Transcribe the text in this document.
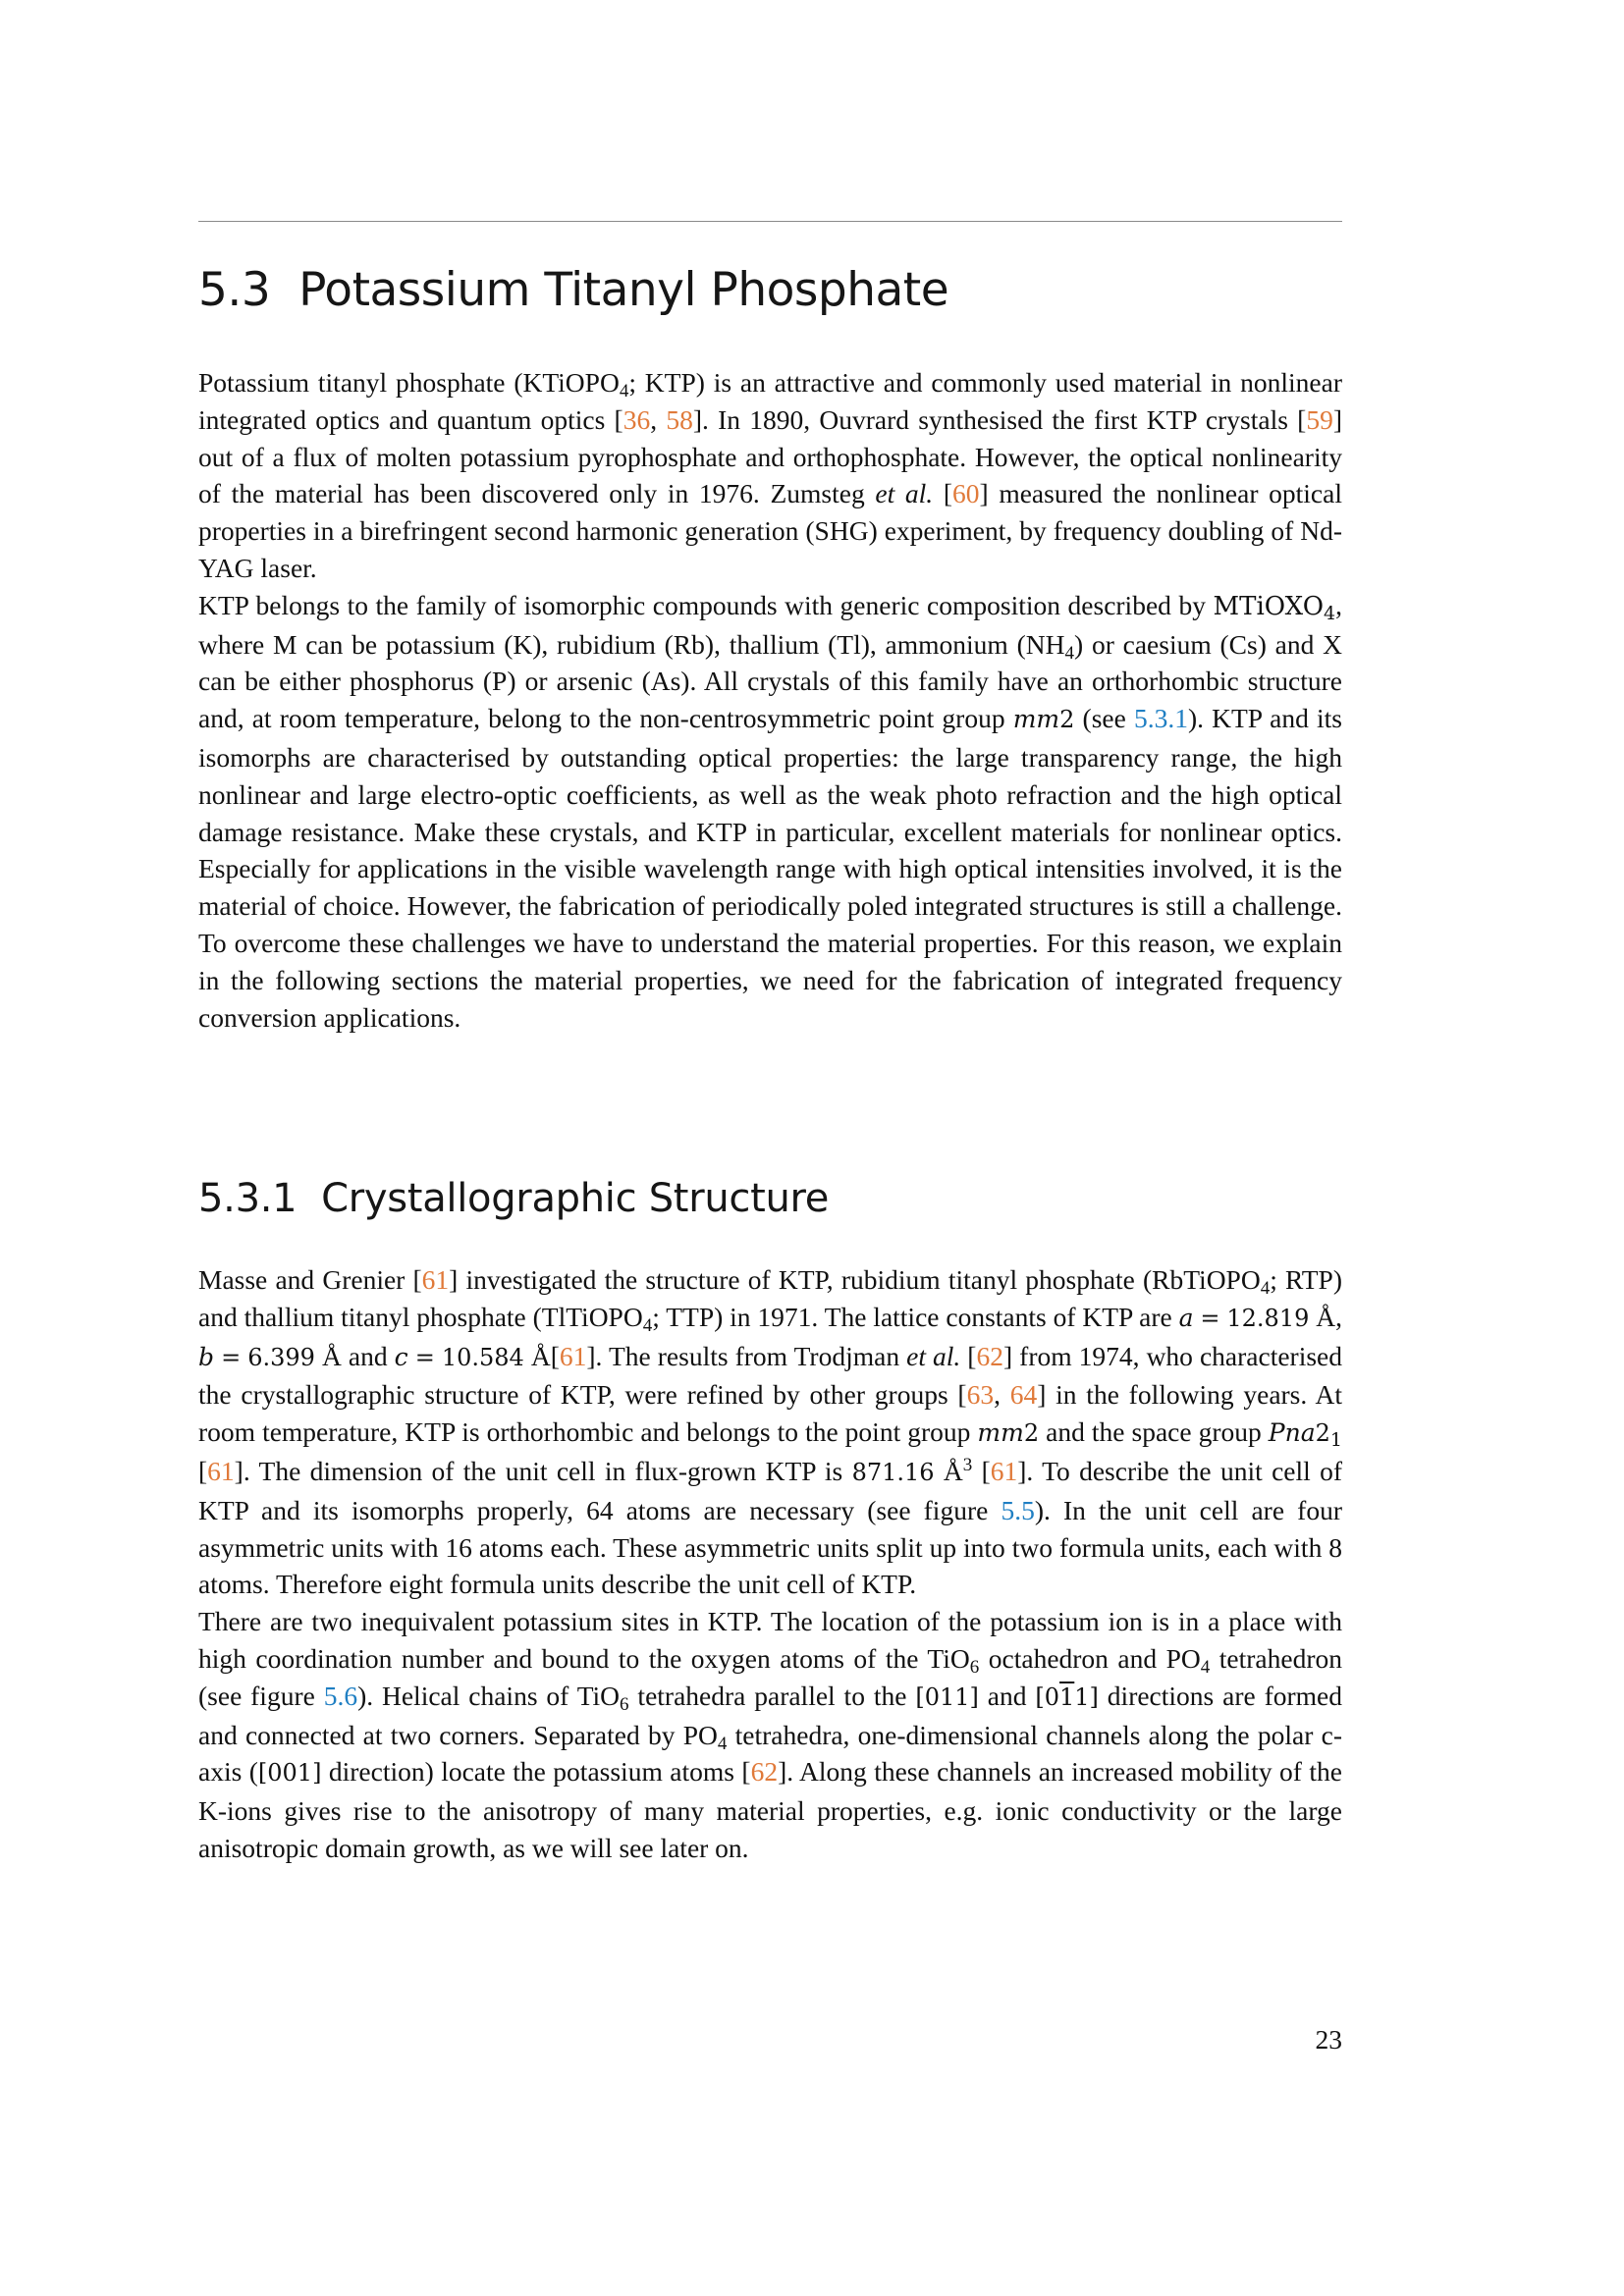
5.3 Potassium Titanyl Phosphate

Potassium titanyl phosphate (KTiOPO$_4$; KTP) is an attractive and commonly used material in nonlinear integrated optics and quantum optics [36, 58]. In 1890, Ouvrard synthesised the first KTP crystals [59] out of a flux of molten potassium pyrophosphate and orthophosphate. However, the optical nonlinearity of the material has been discovered only in 1976. Zumsteg et al. [60] measured the nonlinear optical properties in a birefringent second harmonic generation (SHG) experiment, by frequency doubling of Nd-YAG laser.

KTP belongs to the family of isomorphic compounds with generic composition described by MTiOXO$_4$, where M can be potassium (K), rubidium (Rb), thallium (Tl), ammonium $(NH_4)$ or caesium (Cs) and X can be either phosphorus (P) or arsenic (As). All crystals of this family have an orthorhombic structure and, at room temperature, belong to the non-centrosymmetric point group mm2 (see 5.3.1). KTP and its isomorphs are characterised by outstanding optical properties: the large transparency range, the high nonlinear and large electro-optic coefficients, as well as the weak photo refraction and the high optical damage resistance. Make these crystals, and KTP in particular, excellent materials for nonlinear optics. Especially for applications in the visible wavelength range with high optical intensities involved, it is the material of choice. However, the fabrication of periodically poled integrated structures is still a challenge. To overcome these challenges we have to understand the material properties. For this reason, we explain in the following sections the material properties, we need for the fabrication of integrated frequency conversion applications.

5.3.1 Crystallographic Structure

Masse and Grenier [61] investigated the structure of KTP, rubidium titanyl phosphate (RbTiOPO$_4$; RTP) and thallium titanyl phosphate (TlTiOPO$_4$; TTP) in 1971. The lattice constants of KTP are a = 12.819 Å, b = 6.399 Å and c = 10.584 Å[61]. The results from Trodjman et al. [62] from 1974, who characterised the crystallographic structure of KTP, were refined by other groups [63, 64] in the following years. At room temperature, KTP is orthorhombic and belongs to the point group mm2 and the space group $Pna2_1$ [61]. The dimension of the unit cell in flux-grown KTP is 871.16 $Å^3$ [61]. To describe the unit cell of KTP and its isomorphs properly, 64 atoms are necessary (see figure 5.5). In the unit cell are four asymmetric units with 16 atoms each. These asymmetric units split up into two formula units, each with 8 atoms. Therefore eight formula units describe the unit cell of KTP.

There are two inequivalent potassium sites in KTP. The location of the potassium ion is in a place with high coordination number and bound to the oxygen atoms of the TiO$_6$ octahedron and $PO_4$ tetrahedron (see figure 5.6). Helical chains of TiO$_6$ tetrahedra parallel to the [011] and [011] directions are formed and connected at two corners. Separated by $PO_4$ tetrahedra, one-dimensional channels along the polar c-axis ([001] direction) locate the potassium atoms [62]. Along these channels an increased mobility of the K-ions gives rise to the anisotropy of many material properties, e.g. ionic conductivity or the large anisotropic domain growth, as we will see later on.

23
